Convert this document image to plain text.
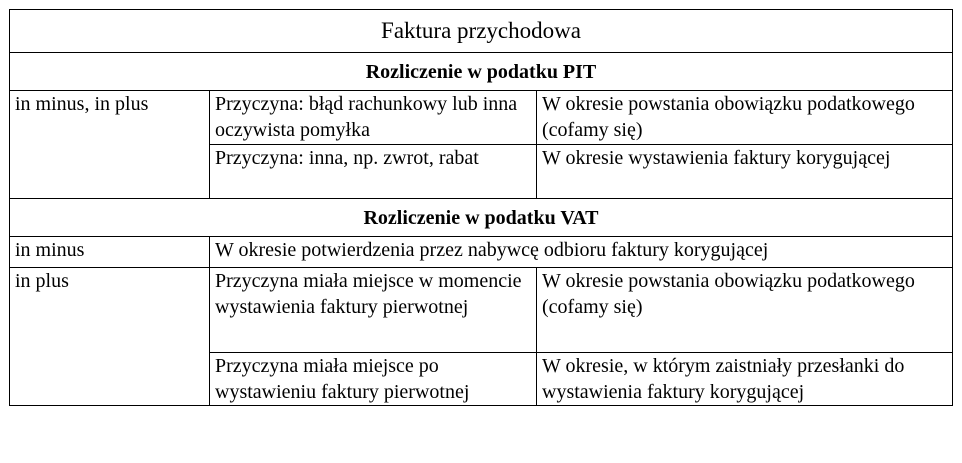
Faktura przychodowa		
Rozliczenie w podatku PIT		
in minus, in plus	Przyczyna: błąd rachunkowy lub inna oczywista pomyłka	W okresie powstania obowiązku podatkowego (cofamy się)
	Przyczyna: inna, np. zwrot, rabat	W okresie wystawienia faktury korygującej
Rozliczenie w podatku VAT		
in minus	W okresie potwierdzenia przez nabywcę odbioru faktury korygującej	
in plus	Przyczyna miała miejsce w momencie wystawienia faktury pierwotnej	W okresie powstania obowiązku podatkowego (cofamy się)
	Przyczyna miała miejsce po wystawieniu faktury pierwotnej	W okresie, w którym zaistniały przesłanki do wystawienia faktury korygującej
